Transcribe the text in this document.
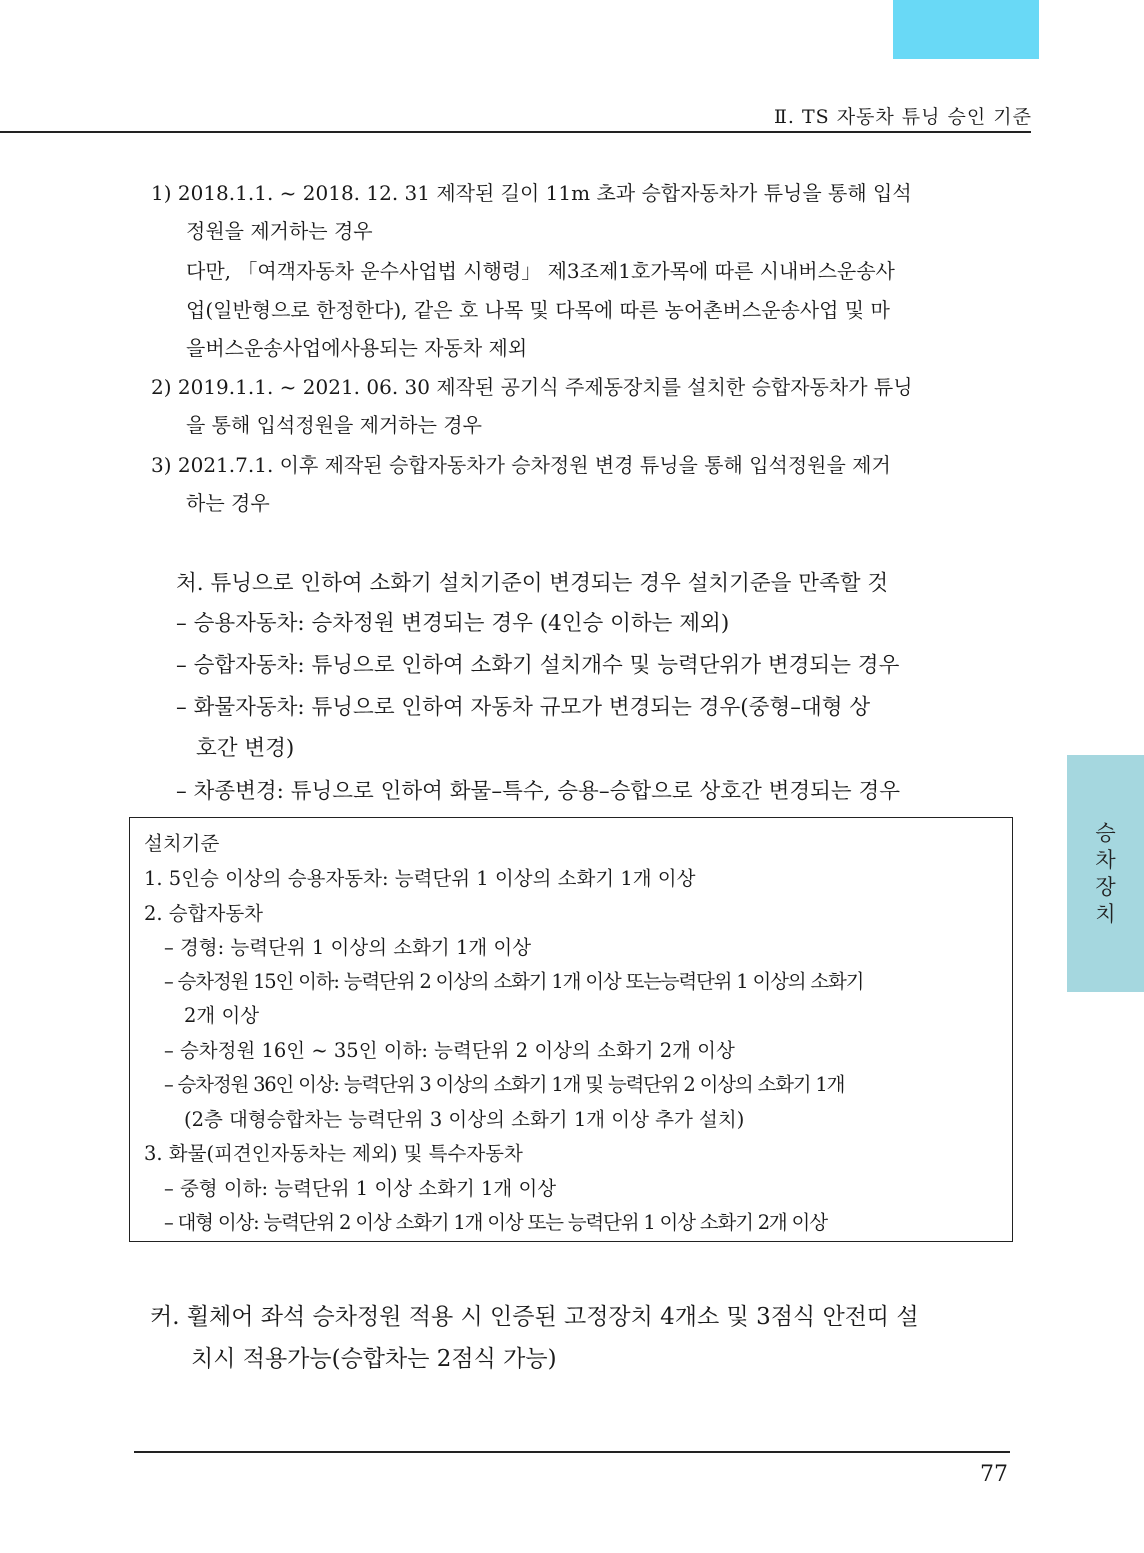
Ⅱ. TS 자동차 튜닝 승인 기준
승
차
장
치
1) 2018.1.1. ~ 2018. 12. 31 제작된 길이 11m 초과 승합자동차가 튜닝을 통해 입석
정원을 제거하는 경우
다만, 「여객자동차 운수사업법 시행령」 제3조제1호가목에 따른 시내버스운송사
업(일반형으로 한정한다), 같은 호 나목 및 다목에 따른 농어촌버스운송사업 및 마
을버스운송사업에사용되는 자동차 제외
2) 2019.1.1. ~ 2021. 06. 30 제작된 공기식 주제동장치를 설치한 승합자동차가 튜닝
을 통해 입석정원을 제거하는 경우
3) 2021.7.1. 이후 제작된 승합자동차가 승차정원 변경 튜닝을 통해 입석정원을 제거
하는 경우
처. 튜닝으로 인하여 소화기 설치기준이 변경되는 경우 설치기준을 만족할 것
– 승용자동차: 승차정원 변경되는 경우 (4인승 이하는 제외)
– 승합자동차: 튜닝으로 인하여 소화기 설치개수 및 능력단위가 변경되는 경우
– 화물자동차: 튜닝으로 인하여 자동차 규모가 변경되는 경우(중형–대형 상
호간 변경)
– 차종변경: 튜닝으로 인하여 화물–특수, 승용–승합으로 상호간 변경되는 경우
설치기준
1. 5인승 이상의 승용자동차: 능력단위 1 이상의 소화기 1개 이상
2. 승합자동차
– 경형: 능력단위 1 이상의 소화기 1개 이상
– 승차정원 15인 이하: 능력단위 2 이상의 소화기 1개 이상 또는능력단위 1 이상의 소화기
2개 이상
– 승차정원 16인 ~ 35인 이하: 능력단위 2 이상의 소화기 2개 이상
– 승차정원 36인 이상: 능력단위 3 이상의 소화기 1개 및 능력단위 2 이상의 소화기 1개
(2층 대형승합차는 능력단위 3 이상의 소화기 1개 이상 추가 설치)
3. 화물(피견인자동차는 제외) 및 특수자동차
– 중형 이하: 능력단위 1 이상 소화기 1개 이상
– 대형 이상: 능력단위 2 이상 소화기 1개 이상 또는 능력단위 1 이상 소화기 2개 이상
커. 휠체어 좌석 승차정원 적용 시 인증된 고정장치 4개소 및 3점식 안전띠 설
치시 적용가능(승합차는 2점식 가능)
77
